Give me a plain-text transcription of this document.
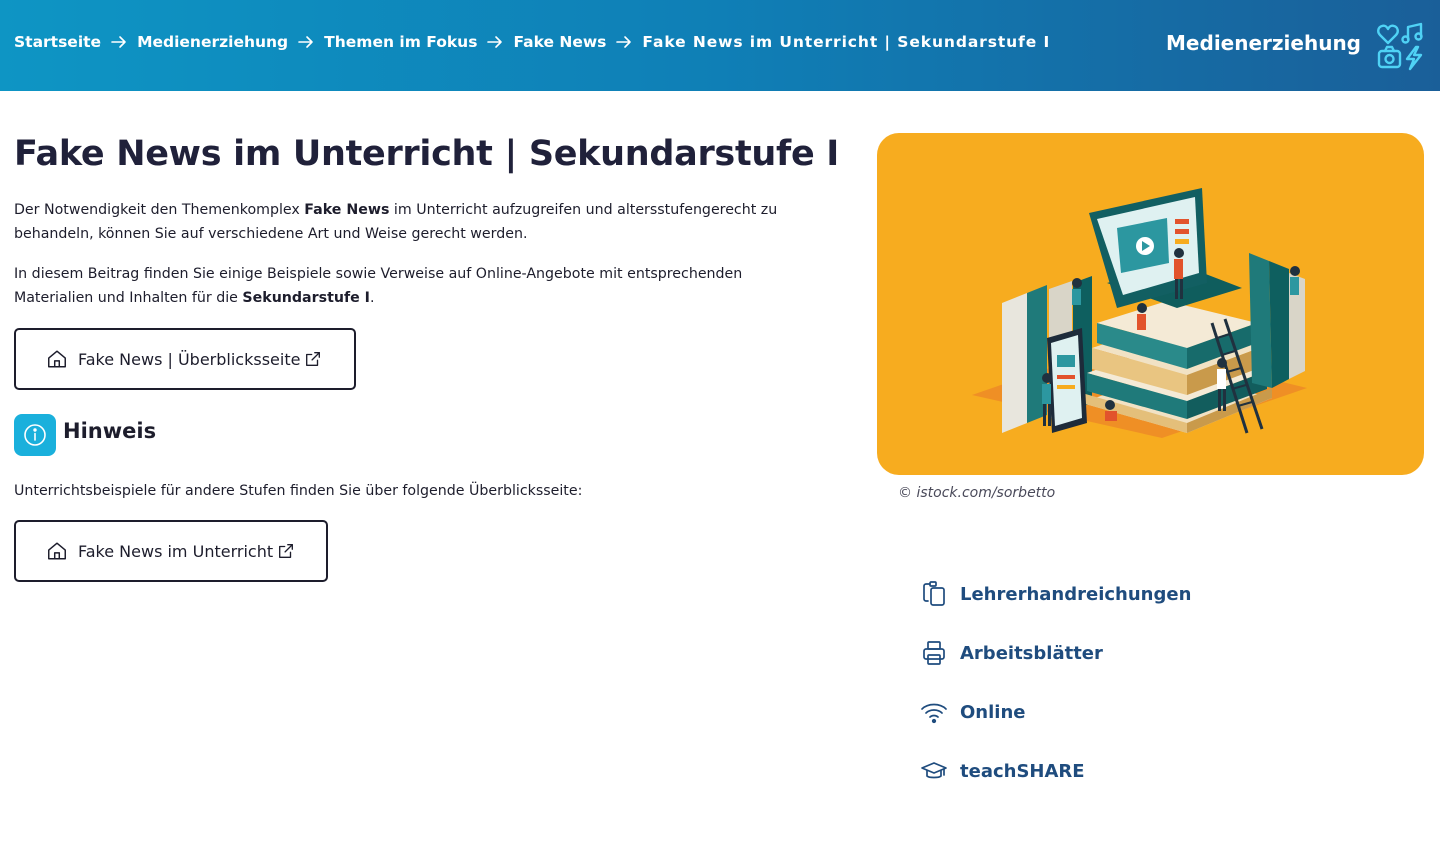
Startseite Medienerziehung Themen im Fokus Fake News Fake News im Unterricht | Sekundarstufe I	Medienerziehung
Fake News im Unterricht | Sekundarstufe I

Der Notwendigkeit den Themenkomplex Fake News im Unterricht aufzugreifen und altersstufengerecht zu behandeln, können Sie auf verschiedene Art und Weise gerecht werden.

In diesem Beitrag finden Sie einige Beispiele sowie Verweise auf Online-Angebote mit entsprechenden Materialien und Inhalten für die Sekundarstufe I.

Fake News | Überblicksseite
Hinweis

Unterrichtsbeispiele für andere Stufen finden Sie über folgende Überblicksseite:

Fake News im Unterricht
© istock.com/sorbetto
Lehrerhandreichungen
Arbeitsblätter
Online
teachSHARE
